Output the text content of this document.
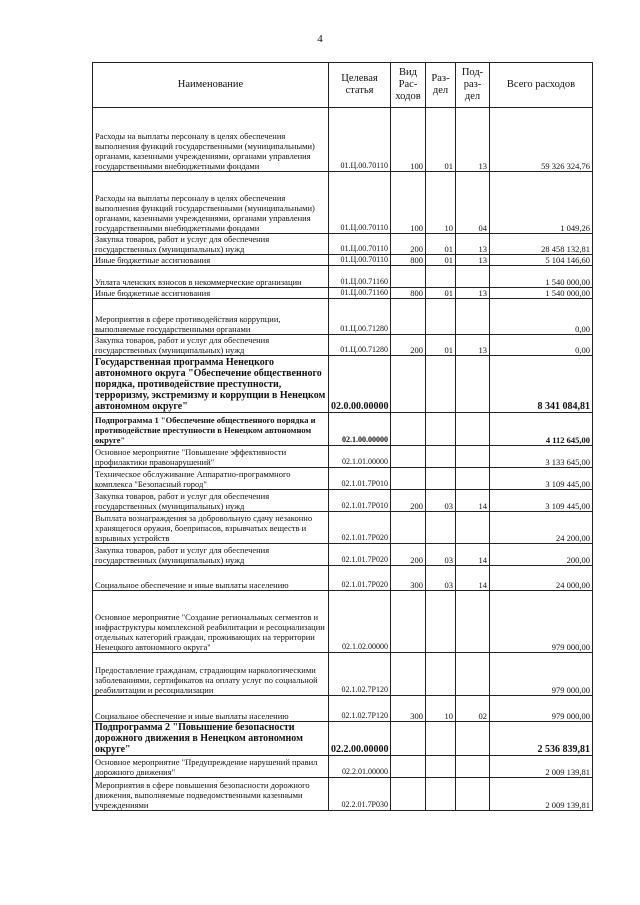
4
Наименование	Целевая статья	Вид Рас- ходов	Раз- дел	Под- раз- дел	Всего расходов
Расходы на выплаты персоналу в целях обеспечения выполнения функций государственными (муниципальными) органами, казенными учреждениями, органами управления государственными внебюджетными фондами	01.Ц.00.70110	100	01	13	59 326 324,76
Расходы на выплаты персоналу в целях обеспечения выполнения функций государственными (муниципальными) органами, казенными учреждениями, органами управления государственными внебюджетными фондами	01.Ц.00.70110	100	10	04	1 049,26
Закупка товаров, работ и услуг для обеспечения государственных (муниципальных) нужд	01.Ц.00.70110	200	01	13	28 458 132,81
Иные бюджетные ассигнования	01.Ц.00.70110	800	01	13	5 104 146,60
Уплата членских взносов в некоммерческие организации	01.Ц.00.71160				1 540 000,00
Иные бюджетные ассигнования	01.Ц.00.71160	800	01	13	1 540 000,00
Мероприятия в сфере противодействия коррупции, выполняемые государственными органами	01.Ц.00.71280				0,00
Закупка товаров, работ и услуг для обеспечения государственных (муниципальных) нужд	01.Ц.00.71280	200	01	13	0,00
Государственная программа Ненецкого автономного округа "Обеспечение общественного порядка, противодействие преступности, терроризму, экстремизму и коррупции в Ненецком автономном округе"	02.0.00.00000				8 341 084,81
Подпрограмма 1 "Обеспечение общественного порядка и противодействие преступности в Ненецком автономном округе"	02.1.00.00000				4 112 645,00
Основное мероприятие "Повышение эффективности профилактики правонарушений"	02.1.01.00000				3 133 645,00
Техническое обслуживание Аппаратно-программного комплекса "Безопасный город"	02.1.01.7Р010				3 109 445,00
Закупка товаров, работ и услуг для обеспечения государственных (муниципальных) нужд	02.1.01.7Р010	200	03	14	3 109 445,00
Выплата вознаграждения за добровольную сдачу незаконно хранящегося оружия, боеприпасов, взрывчатых веществ и взрывных устройств	02.1.01.7Р020				24 200,00
Закупка товаров, работ и услуг для обеспечения государственных (муниципальных) нужд	02.1.01.7Р020	200	03	14	200,00
Социальное обеспечение и иные выплаты населению	02.1.01.7Р020	300	03	14	24 000,00
Основное мероприятие "Создание региональных сегментов и инфраструктуры комплексной реабилитации и ресоциализации отдельных категорий граждан, проживающих на территории Ненецкого автономного округа"	02.1.02.00000				979 000,00
Предоставление гражданам, страдающим наркологическими заболеваниями, сертификатов на оплату услуг по социальной реабилитации и ресоциализации	02.1.02.7Р120				979 000,00
Социальное обеспечение и иные выплаты населению	02.1.02.7Р120	300	10	02	979 000,00
Подпрограмма 2 "Повышение безопасности дорожного движения в Ненецком автономном округе"	02.2.00.00000				2 536 839,81
Основное мероприятие "Предупреждение нарушений правил дорожного движения"	02.2.01.00000				2 009 139,81
Мероприятия в сфере повышения безопасности дорожного движения, выполняемые подведомственными казенными учреждениями	02.2.01.7Р030				2 009 139,81
